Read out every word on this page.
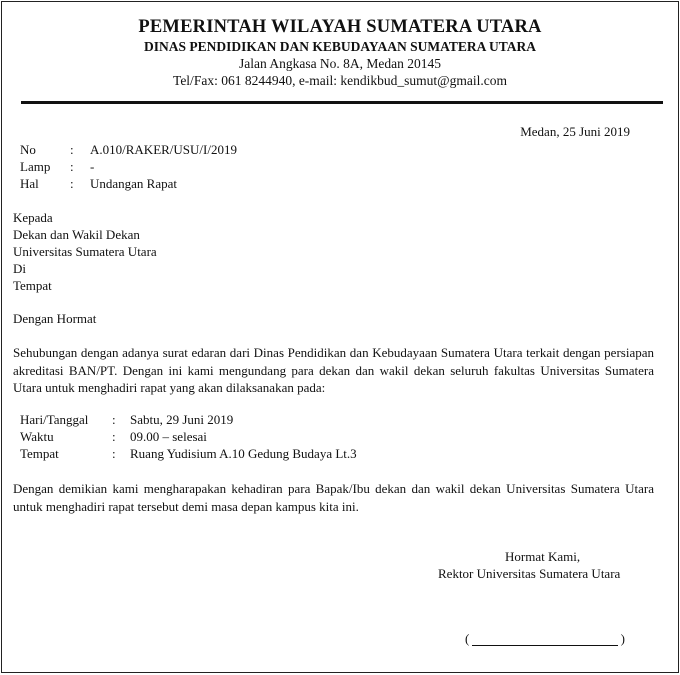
PEMERINTAH WILAYAH SUMATERA UTARA
DINAS PENDIDIKAN DAN KEBUDAYAAN SUMATERA UTARA
Jalan Angkasa No. 8A, Medan 20145
Tel/Fax: 061 8244940, e-mail: kendikbud_sumut@gmail.com
Medan, 25 Juni 2019
No	:	A.010/RAKER/USU/I/2019
Lamp	:	-
Hal	:	Undangan Rapat
Kepada
Dekan dan Wakil Dekan
Universitas Sumatera Utara
Di
Tempat
Dengan Hormat
Sehubungan dengan adanya surat edaran dari Dinas Pendidikan dan Kebudayaan Sumatera Utara terkait dengan persiapan akreditasi BAN/PT. Dengan ini kami mengundang para dekan dan wakil dekan seluruh fakultas Universitas Sumatera Utara untuk menghadiri rapat yang akan dilaksanakan pada:
Hari/Tanggal	:	Sabtu, 29 Juni 2019
Waktu	:	09.00 – selesai
Tempat	:	Ruang Yudisium A.10 Gedung Budaya Lt.3
Dengan demikian kami mengharapakan kehadiran para Bapak/Ibu dekan dan wakil dekan Universitas Sumatera Utara untuk menghadiri rapat tersebut demi masa depan kampus kita ini.
Hormat Kami,
Rektor Universitas Sumatera Utara
(	)
